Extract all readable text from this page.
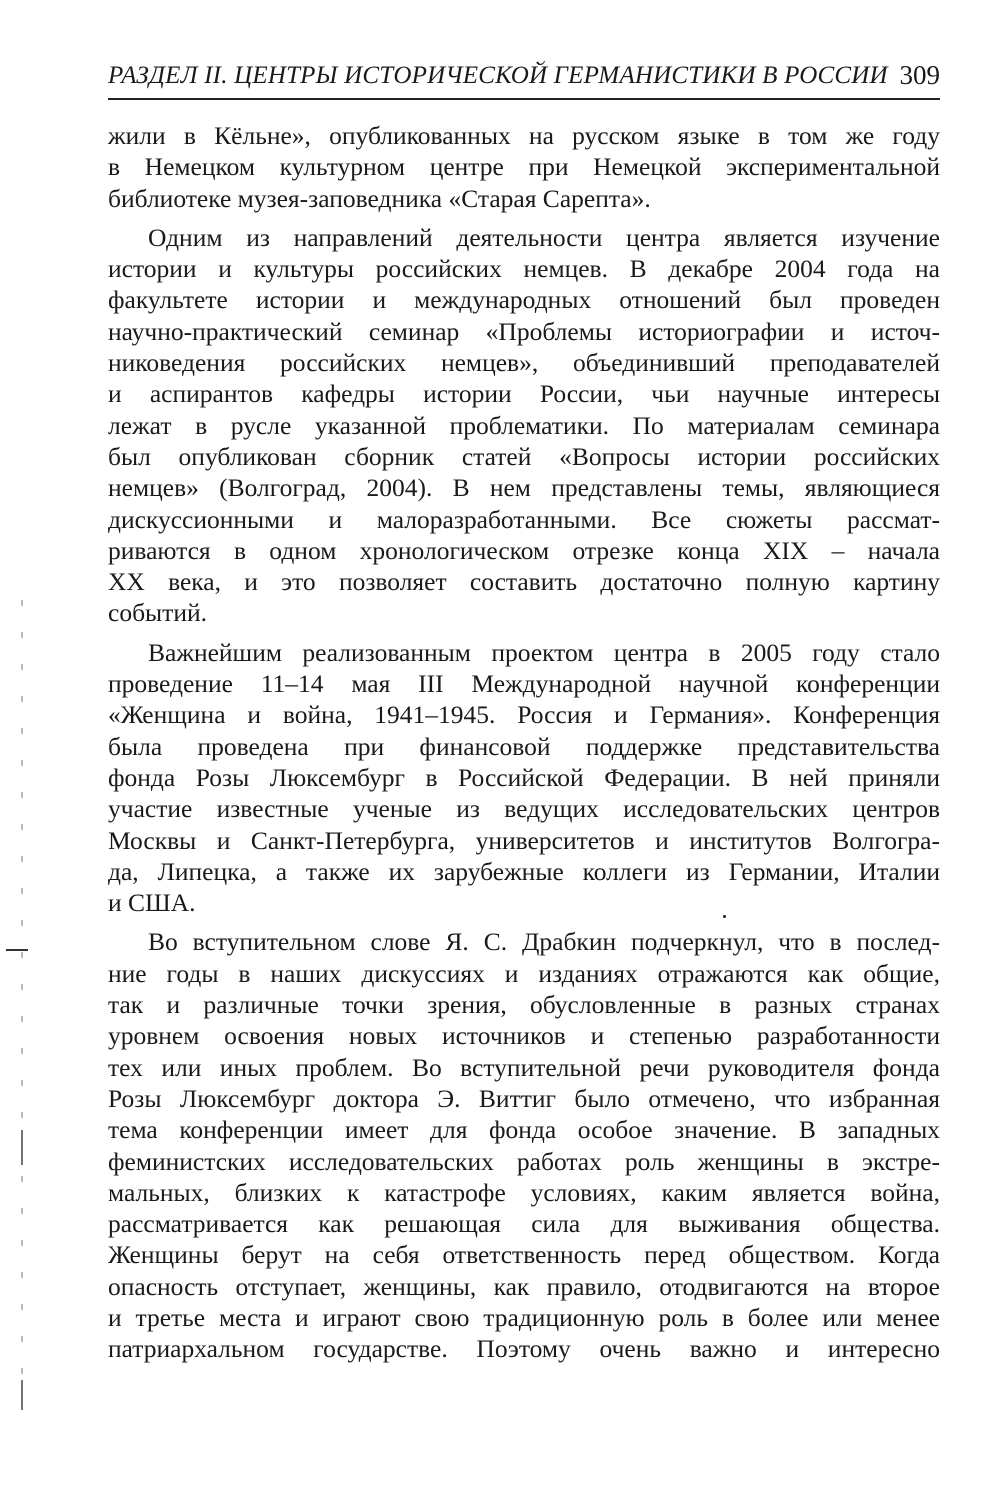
РАЗДЕЛ II. ЦЕНТРЫ ИСТОРИЧЕСКОЙ ГЕРМАНИСТИКИ В РОССИИ 309
жили в Кёльне», опубликованных на русском языке в том же году
в Немецком культурном центре при Немецкой экспериментальной
библиотеке музея-заповедника «Старая Сарепта».
Одним из направлений деятельности центра является изучение
истории и культуры российских немцев. В декабре 2004 года на
факультете истории и международных отношений был проведен
научно-практический семинар «Проблемы историографии и источ-
никоведения российских немцев», объединивший преподавателей
и аспирантов кафедры истории России, чьи научные интересы
лежат в русле указанной проблематики. По материалам семинара
был опубликован сборник статей «Вопросы истории российских
немцев» (Волгоград, 2004). В нем представлены темы, являющиеся
дискуссионными и малоразработанными. Все сюжеты рассмат-
риваются в одном хронологическом отрезке конца XIX – начала
XX века, и это позволяет составить достаточно полную картину
событий.
Важнейшим реализованным проектом центра в 2005 году стало
проведение 11–14 мая III Международной научной конференции
«Женщина и война, 1941–1945. Россия и Германия». Конференция
была проведена при финансовой поддержке представительства
фонда Розы Люксембург в Российской Федерации. В ней приняли
участие известные ученые из ведущих исследовательских центров
Москвы и Санкт-Петербурга, университетов и институтов Волгогра-
да, Липецка, а также их зарубежные коллеги из Германии, Италии
и США.
Во вступительном слове Я. С. Драбкин подчеркнул, что в послед-
ние годы в наших дискуссиях и изданиях отражаются как общие,
так и различные точки зрения, обусловленные в разных странах
уровнем освоения новых источников и степенью разработанности
тех или иных проблем. Во вступительной речи руководителя фонда
Розы Люксембург доктора Э. Виттиг было отмечено, что избранная
тема конференции имеет для фонда особое значение. В западных
феминистских исследовательских работах роль женщины в экстре-
мальных, близких к катастрофе условиях, каким является война,
рассматривается как решающая сила для выживания общества.
Женщины берут на себя ответственность перед обществом. Когда
опасность отступает, женщины, как правило, отодвигаются на второе
и третье места и играют свою традиционную роль в более или менее
патриархальном государстве. Поэтому очень важно и интересно
